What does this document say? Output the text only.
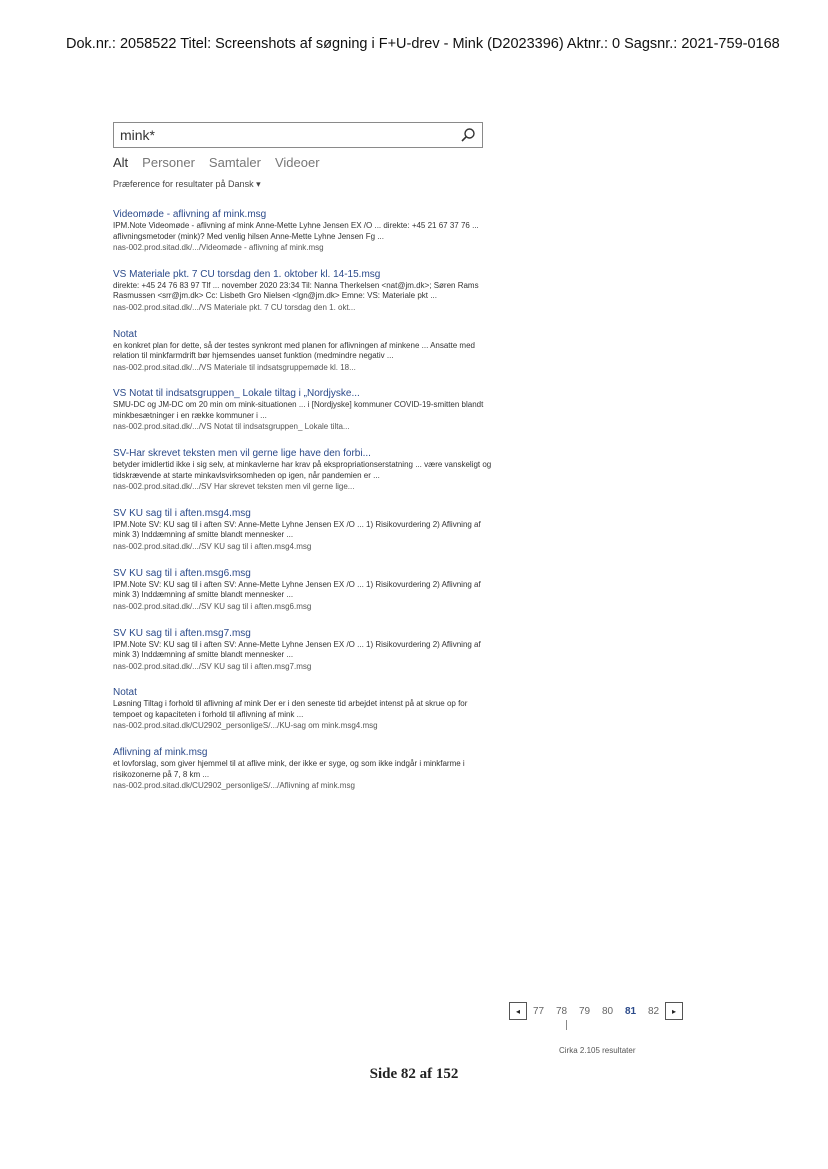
Dok.nr.: 2058522 Titel: Screenshots af søgning i F+U-drev - Mink (D2023396) Aktnr.: 0 Sagsnr.: 2021-759-0168
mink*
Alt Personer Samtaler Videoer
Præference for resultater på Dansk ▾
Videomøde - aflivning af mink.msg
IPM.Note Videomøde - aflivning af mink Anne-Mette Lyhne Jensen EX /O ... direkte: +45 21 67 37 76 ... aflivningsmetoder (mink)? Med venlig hilsen Anne-Mette Lyhne Jensen Fg ...
nas-002.prod.sitad.dk/.../Videomøde - aflivning af mink.msg
VS Materiale pkt. 7 CU torsdag den 1. oktober kl. 14-15.msg
direkte: +45 24 76 83 97 Tlf ... november 2020 23:34 Til: Nanna Therkelsen <nat@jm.dk>; Søren Rams Rasmussen <srr@jm.dk> Cc: Lisbeth Gro Nielsen <lgn@jm.dk> Emne: VS: Materiale pkt ...
nas-002.prod.sitad.dk/.../VS Materiale pkt. 7 CU torsdag den 1. okt...
Notat
en konkret plan for dette, så der testes synkront med planen for aflivningen af minkene ... Ansatte med relation til minkfarmdrift bør hjemsendes uanset funktion (medmindre negativ ...
nas-002.prod.sitad.dk/.../VS Materiale til indsatsgruppemøde kl. 18...
VS Notat til indsatsgruppen_ Lokale tiltag i „Nordjyske...
SMU-DC og JM-DC om 20 min om mink-situationen ... i [Nordjyske] kommuner COVID-19-smitten blandt minkbesætninger i en række kommuner i ...
nas-002.prod.sitad.dk/.../VS Notat til indsatsgruppen_ Lokale tilta...
SV-Har skrevet teksten men vil gerne lige have den forbi...
betyder imidlertid ikke i sig selv, at minkavlerne har krav på ekspropriationserstatning ... være vanskeligt og tidskrævende at starte minkavlsvirksomheden op igen, når pandemien er ...
nas-002.prod.sitad.dk/.../SV Har skrevet teksten men vil gerne lige...
SV KU sag til i aften.msg4.msg
IPM.Note SV: KU sag til i aften SV: Anne-Mette Lyhne Jensen EX /O ... 1) Risikovurdering 2) Aflivning af mink 3) Inddæmning af smitte blandt mennesker ...
nas-002.prod.sitad.dk/.../SV KU sag til i aften.msg4.msg
SV KU sag til i aften.msg6.msg
IPM.Note SV: KU sag til i aften SV: Anne-Mette Lyhne Jensen EX /O ... 1) Risikovurdering 2) Aflivning af mink 3) Inddæmning af smitte blandt mennesker ...
nas-002.prod.sitad.dk/.../SV KU sag til i aften.msg6.msg
SV KU sag til i aften.msg7.msg
IPM.Note SV: KU sag til i aften SV: Anne-Mette Lyhne Jensen EX /O ... 1) Risikovurdering 2) Aflivning af mink 3) Inddæmning af smitte blandt mennesker ...
nas-002.prod.sitad.dk/.../SV KU sag til i aften.msg7.msg
Notat
Løsning Tiltag i forhold til aflivning af mink Der er i den seneste tid arbejdet intenst på at skrue op for tempoet og kapaciteten i forhold til aflivning af mink ...
nas-002.prod.sitad.dk/CU2902_personligeS/.../KU-sag om mink.msg4.msg
Aflivning af mink.msg
et lovforslag, som giver hjemmel til at aflive mink, der ikke er syge, og som ikke indgår i minkfarme i risikozonerne på 7, 8 km ...
nas-002.prod.sitad.dk/CU2902_personligeS/.../Aflivning af mink.msg
◂	77	78	79	80	81	82	▸
Cirka 2.105 resultater
Side 82 af 152
